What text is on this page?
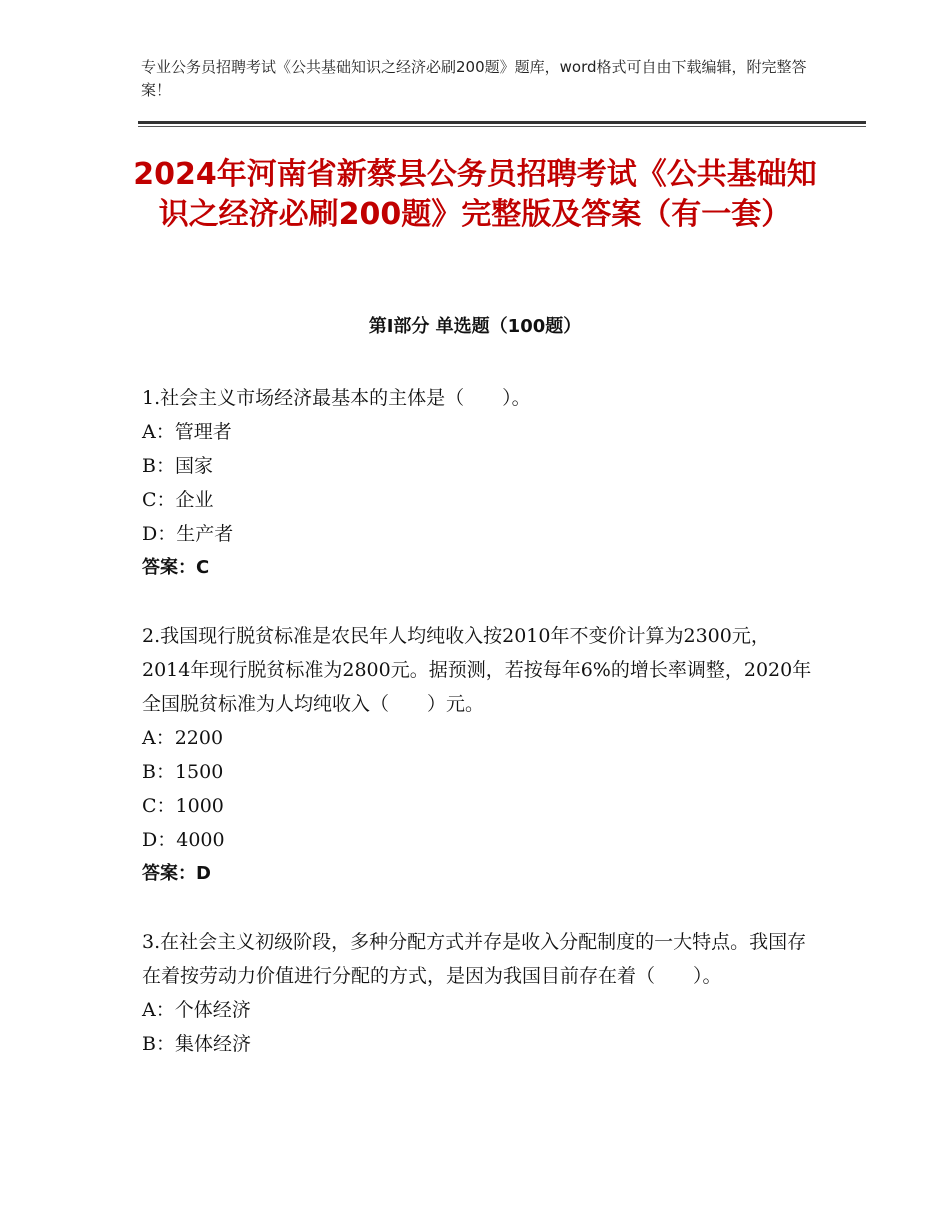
专业公务员招聘考试《公共基础知识之经济必刷200题》题库，word格式可自由下载编辑，附完整答案！
2024年河南省新蔡县公务员招聘考试《公共基础知识之经济必刷200题》完整版及答案（有一套）
第Ⅰ部分 单选题（100题）

1.社会主义市场经济最基本的主体是（　　）。

A：管理者

B：国家

C：企业

D：生产者

答案：C

2.我国现行脱贫标准是农民年人均纯收入按2010年不变价计算为2300元，2014年现行脱贫标准为2800元。据预测，若按每年6%的增长率调整，2020年全国脱贫标准为人均纯收入（　　）元。

A：2200

B：1500

C：1000

D：4000

答案：D

3.在社会主义初级阶段，多种分配方式并存是收入分配制度的一大特点。我国存在着按劳动力价值进行分配的方式，是因为我国目前存在着（　　）。

A：个体经济

B：集体经济
